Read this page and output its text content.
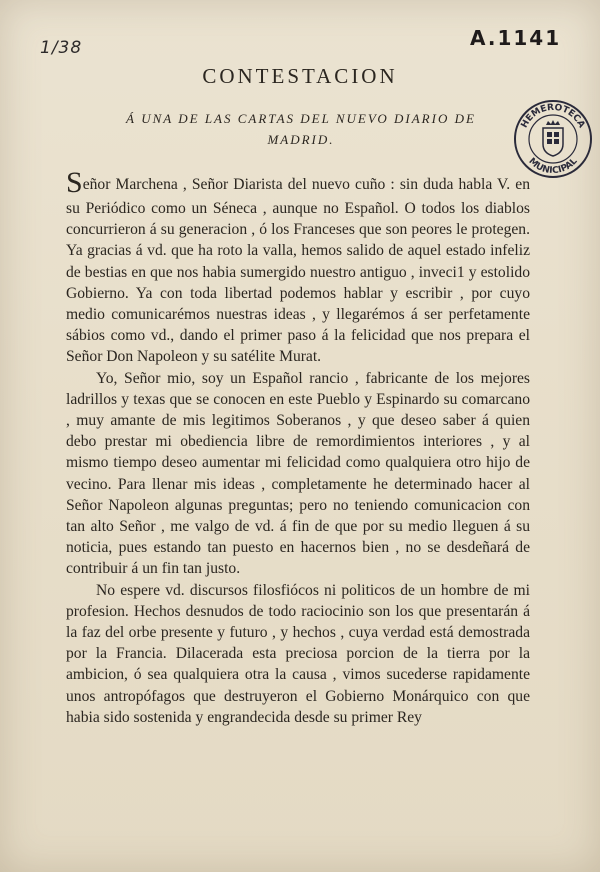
1/38	A.1141
HEMEROTECA
MUNICIPAL
CONTESTACION
Á UNA DE LAS CARTAS DEL NUEVO DIARIO DE MADRID.

Señor Marchena , Señor Diarista del nuevo cuño : sin duda habla V. en su Periódico como un Séneca , aunque no Español. O todos los diablos concurrieron á su generacion , ó los Franceses que son peores le protegen. Ya gracias á vd. que ha roto la valla, hemos salido de aquel estado infeliz de bestias en que nos habia sumergido nuestro antiguo , inveci1 y estolido Gobierno. Ya con toda libertad podemos hablar y escribir , por cuyo medio comunicarémos nuestras ideas , y llegarémos á ser perfetamente sábios como vd., dando el primer paso á la felicidad que nos prepara el Señor Don Napoleon y su satélite Murat.

Yo, Señor mio, soy un Español rancio , fabricante de los mejores ladrillos y texas que se conocen en este Pueblo y Espinardo su comarcano , muy amante de mis legitimos Soberanos , y que deseo saber á quien debo prestar mi obediencia libre de remordimientos interiores , y al mismo tiempo deseo aumentar mi felicidad como qualquiera otro hijo de vecino. Para llenar mis ideas , completamente he determinado hacer al Señor Napoleon algunas preguntas; pero no teniendo comunicacion con tan alto Señor , me valgo de vd. á fin de que por su medio lleguen á su noticia, pues estando tan puesto en hacernos bien , no se desdeñará de contribuir á un fin tan justo.

No espere vd. discursos filosfiócos ni politicos de un hombre de mi profesion. Hechos desnudos de todo raciocinio son los que presentarán á la faz del orbe presente y futuro , y hechos , cuya verdad está demostrada por la Francia. Dilacerada esta preciosa porcion de la tierra por la ambicion, ó sea qualquiera otra la causa , vimos sucederse rapidamente unos antropófagos que destruyeron el Gobierno Monárquico con que habia sido sostenida y engrandecida desde su primer Rey
